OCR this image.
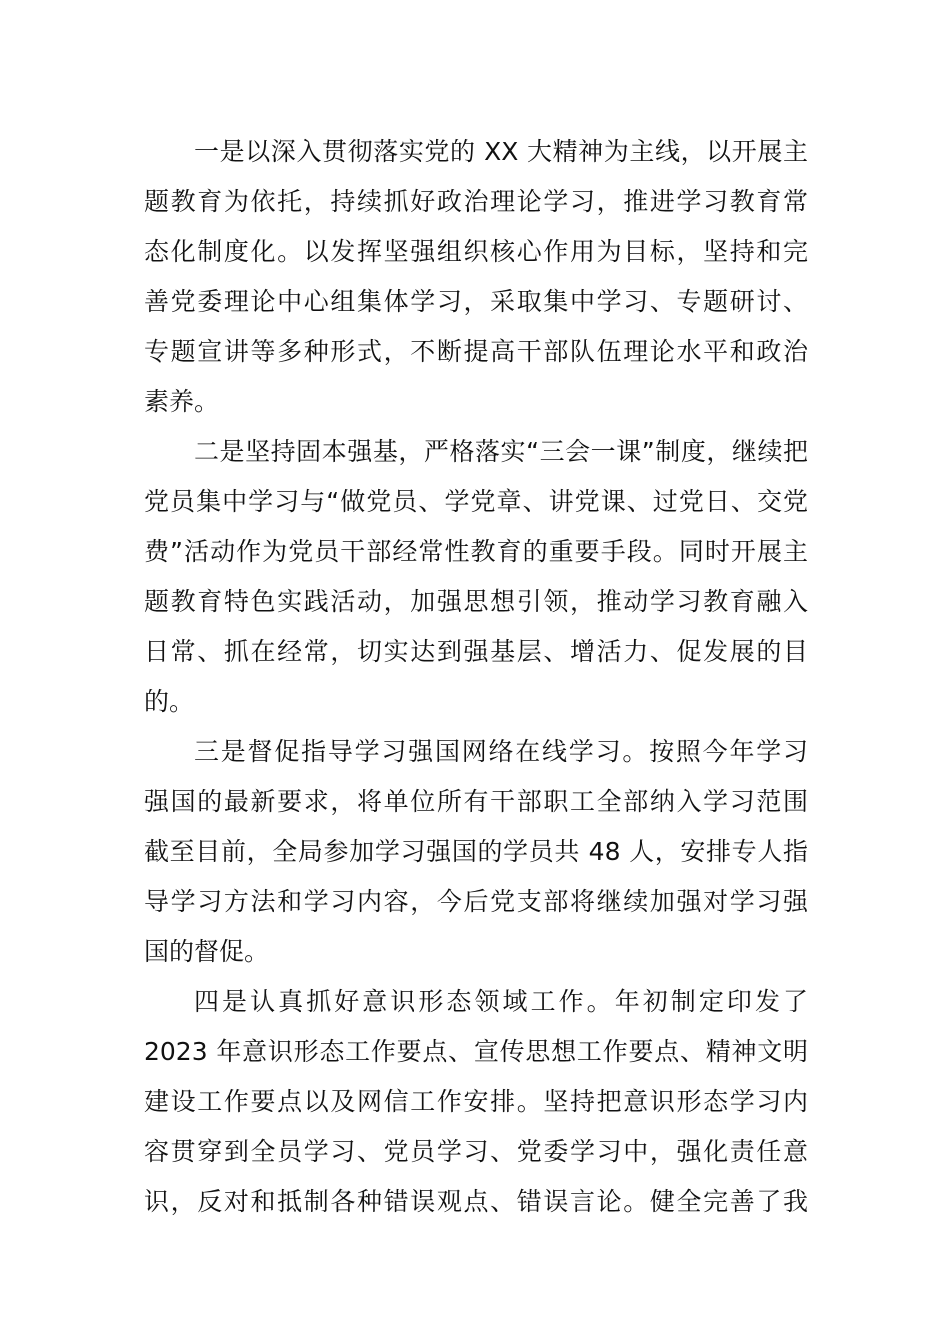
一是以深入贯彻落实党的 XX 大精神为主线，以开展主
题教育为依托，持续抓好政治理论学习，推进学习教育常
态化制度化。以发挥坚强组织核心作用为目标，坚持和完
善党委理论中心组集体学习，采取集中学习、专题研讨、
专题宣讲等多种形式，不断提高干部队伍理论水平和政治
素养。
二是坚持固本强基，严格落实“三会一课”制度，继续把
党员集中学习与“做党员、学党章、讲党课、过党日、交党
费”活动作为党员干部经常性教育的重要手段。同时开展主
题教育特色实践活动，加强思想引领，推动学习教育融入
日常、抓在经常，切实达到强基层、增活力、促发展的目
的。
三是督促指导学习强国网络在线学习。按照今年学习
强国的最新要求，将单位所有干部职工全部纳入学习范围
截至目前，全局参加学习强国的学员共 48 人，安排专人指
导学习方法和学习内容，今后党支部将继续加强对学习强
国的督促。
四是认真抓好意识形态领域工作。年初制定印发了
2023 年意识形态工作要点、宣传思想工作要点、精神文明
建设工作要点以及网信工作安排。坚持把意识形态学习内
容贯穿到全员学习、党员学习、党委学习中，强化责任意
识，反对和抵制各种错误观点、错误言论。健全完善了我
